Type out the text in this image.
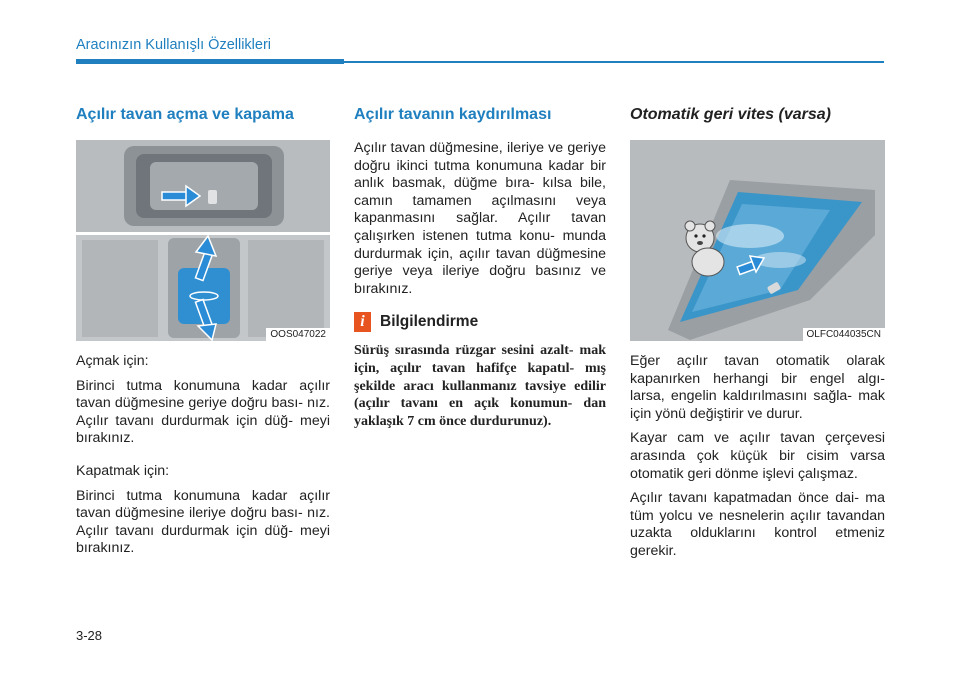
Aracınızın Kullanışlı Özellikleri
Açılır tavan açma ve kapama
OOS047022

Açmak için:

Birinci tutma konumuna kadar açılır tavan düğmesine geriye doğru bası- nız. Açılır tavanı durdurmak için düğ- meyi bırakınız.

Kapatmak için:

Birinci tutma konumuna kadar açılır tavan düğmesine ileriye doğru bası- nız. Açılır tavanı durdurmak için düğ- meyi bırakınız.

Açılır tavanın kaydırılması

Açılır tavan düğmesine, ileriye ve geriye doğru ikinci tutma konumuna kadar bir anlık basmak, düğme bıra- kılsa bile, camın tamamen açılmasını veya kapanmasını sağlar. Açılır tavan çalışırken istenen tutma konu- munda durdurmak için, açılır tavan düğmesine geriye veya ileriye doğru basınız ve bırakınız.

i Bilgilendirme
Sürüş sırasında rüzgar sesini azalt- mak için, açılır tavan hafifçe kapatıl- mış şekilde aracı kullanmanız tavsiye edilir (açılır tavanı en açık konumun- dan yaklaşık 7 cm önce durdurunuz).
Otomatik geri vites (varsa)
OLFC044035CN

Eğer açılır tavan otomatik olarak kapanırken herhangi bir engel algı- larsa, engelin kaldırılmasını sağla- mak için yönü değiştirir ve durur.

Kayar cam ve açılır tavan çerçevesi arasında çok küçük bir cisim varsa otomatik geri dönme işlevi çalışmaz.

Açılır tavanı kapatmadan önce dai- ma tüm yolcu ve nesnelerin açılır tavandan uzakta olduklarını kontrol etmeniz gerekir.

3-28
